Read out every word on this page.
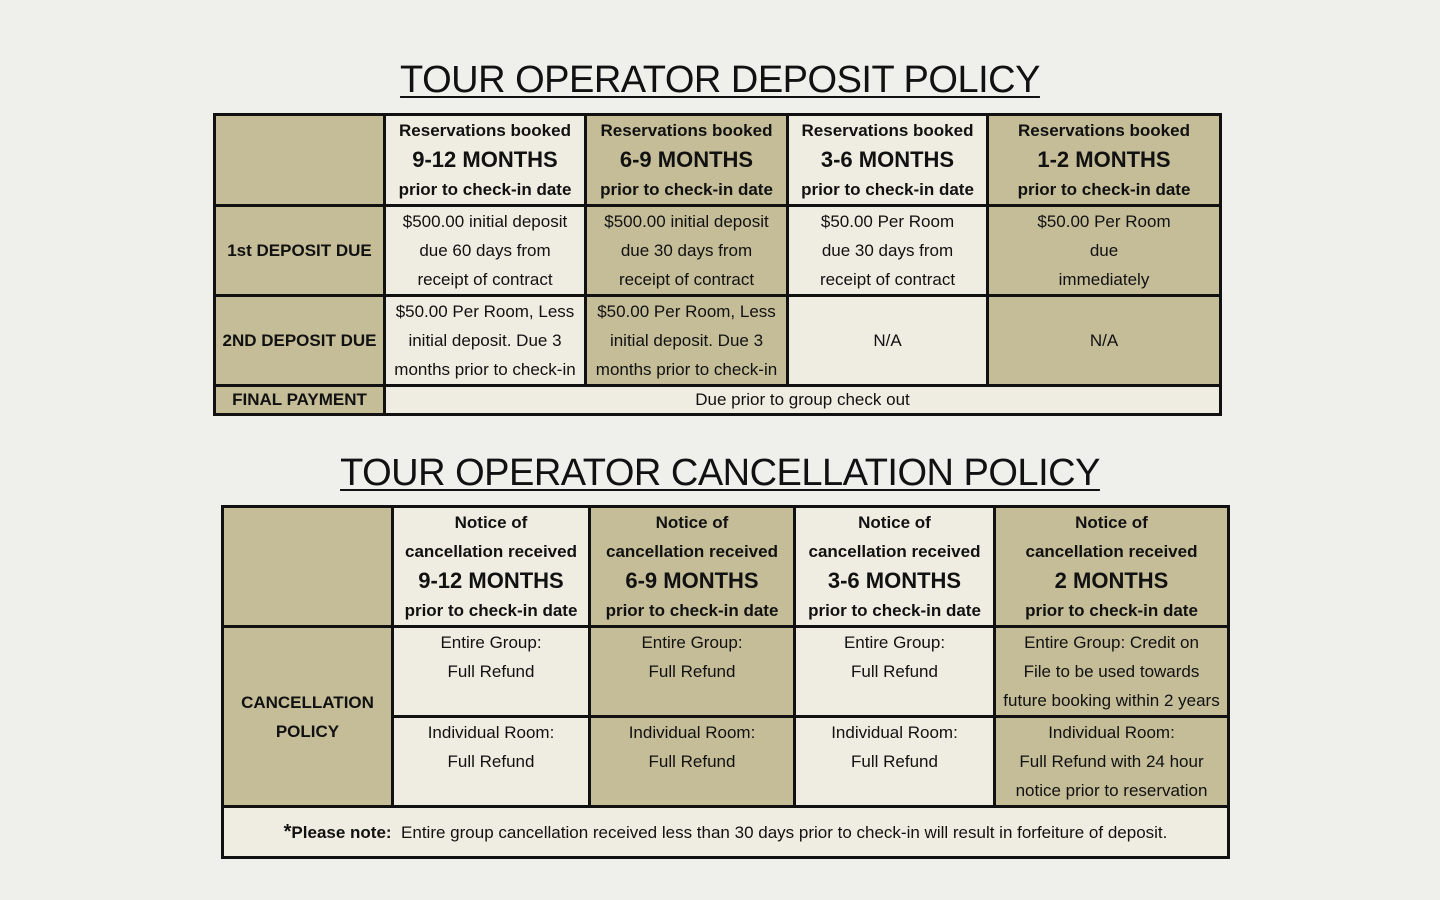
TOUR OPERATOR DEPOSIT POLICY

	Reservations booked
9-12 MONTHS
prior to check-in date	Reservations booked
6-9 MONTHS
prior to check-in date	Reservations booked
3-6 MONTHS
prior to check-in date	Reservations booked
1-2 MONTHS
prior to check-in date

1st DEPOSIT DUE	$500.00 initial deposit
due 60 days from
receipt of contract	$500.00 initial deposit
due 30 days from
receipt of contract	$50.00 Per Room
due 30 days from
receipt of contract	$50.00 Per Room
due
immediately

2ND DEPOSIT DUE	$50.00 Per Room, Less
initial deposit. Due 3
months prior to check-in	$50.00 Per Room, Less
initial deposit. Due 3
months prior to check-in	N/A	N/A

FINAL PAYMENT	Due prior to group check out			
TOUR OPERATOR CANCELLATION POLICY

	Notice of
cancellation received
9-12 MONTHS
prior to check-in date	Notice of
cancellation received
6-9 MONTHS
prior to check-in date	Notice of
cancellation received
3-6 MONTHS
prior to check-in date	Notice of
cancellation received
2 MONTHS
prior to check-in date

CANCELLATION
POLICY	Entire Group:
Full Refund	Entire Group:
Full Refund	Entire Group:
Full Refund	Entire Group: Credit on
File to be used towards
future booking within 2 years

	Individual Room:
Full Refund	Individual Room:
Full Refund	Individual Room:
Full Refund	Individual Room:
Full Refund with 24 hour
notice prior to reservation

*Please note: Entire group cancellation received less than 30 days prior to check-in will result in forfeiture of deposit.				
